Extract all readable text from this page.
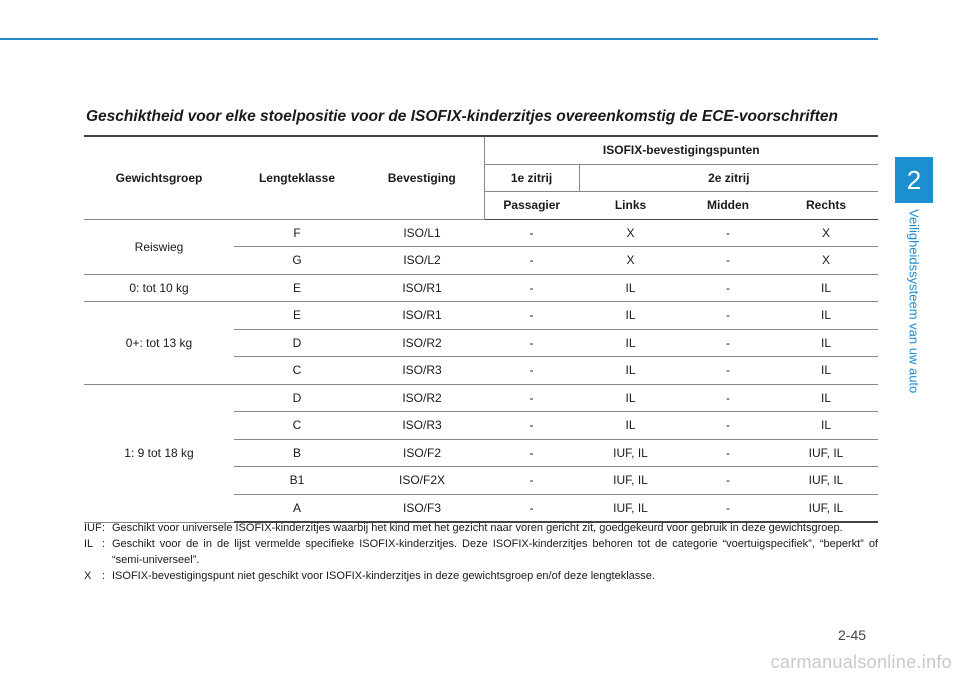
2
Veiligheidssysteem van uw auto
Geschiktheid voor elke stoelpositie voor de ISOFIX-kinderzitjes overeenkomstig de ECE-voorschriften
Gewichtsgroep	Lengteklasse	Bevestiging	ISOFIX-bevestigingspunten			
			1e zitrij	2e zitrij		
			Passagier	Links	Midden	Rechts
Reiswieg	F	ISO/L1	-	X	-	X
	G	ISO/L2	-	X	-	X
0: tot 10 kg	E	ISO/R1	-	IL	-	IL
0+: tot 13 kg	E	ISO/R1	-	IL	-	IL
	D	ISO/R2	-	IL	-	IL
	C	ISO/R3	-	IL	-	IL
1: 9 tot 18 kg	D	ISO/R2	-	IL	-	IL
	C	ISO/R3	-	IL	-	IL
	B	ISO/F2	-	IUF, IL	-	IUF, IL
	B1	ISO/F2X	-	IUF, IL	-	IUF, IL
	A	ISO/F3	-	IUF, IL	-	IUF, IL
IUF : Geschikt voor universele ISOFIX-kinderzitjes waarbij het kind met het gezicht naar voren gericht zit, goedgekeurd voor gebruik in deze gewichtsgroep.
IL : Geschikt voor de in de lijst vermelde specifieke ISOFIX-kinderzitjes. Deze ISOFIX-kinderzitjes behoren tot de categorie “voertuigspecifiek”, “beperkt” of “semi-universeel”.
X : ISOFIX-bevestigingspunt niet geschikt voor ISOFIX-kinderzitjes in deze gewichtsgroep en/of deze lengteklasse.
2-45
carmanualsonline.info
